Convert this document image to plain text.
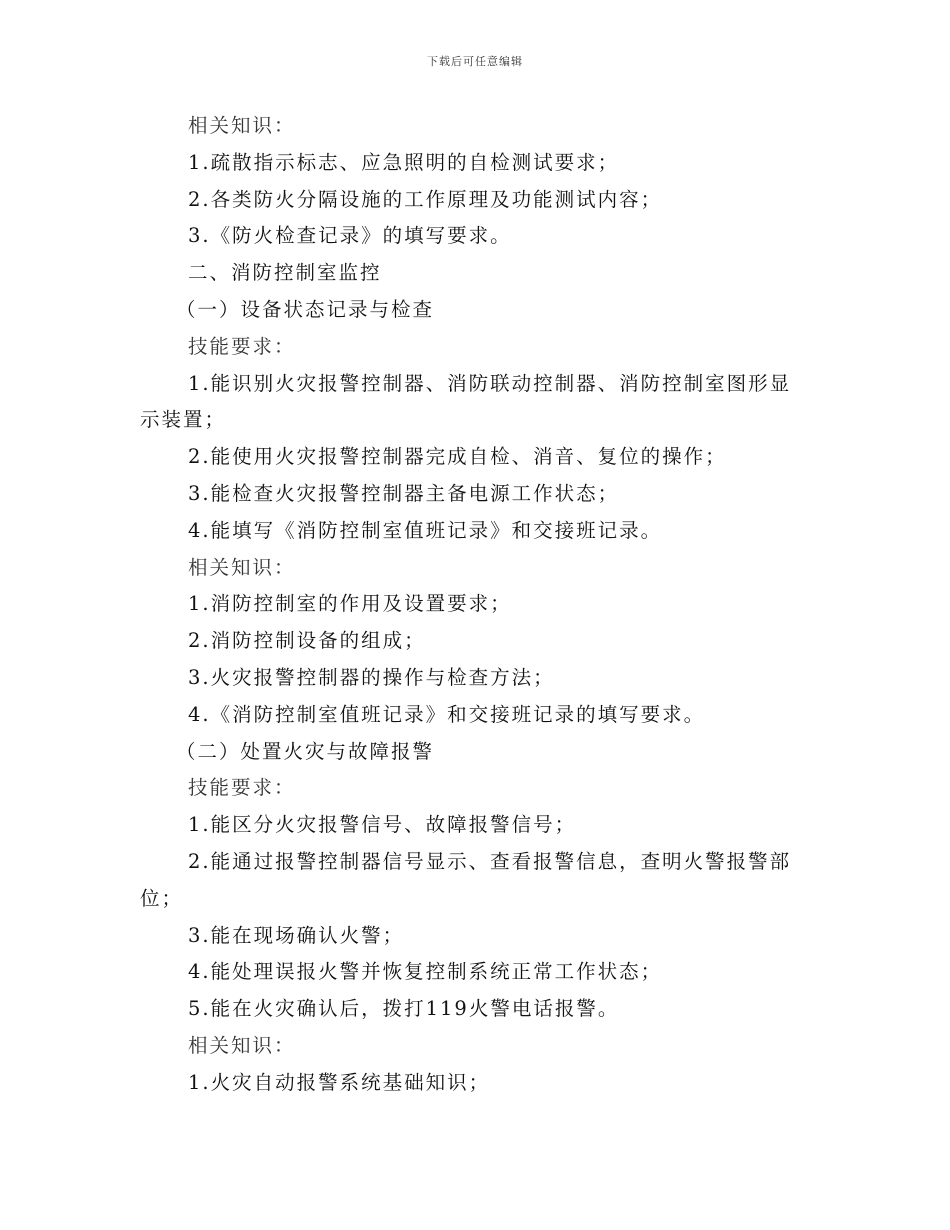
下载后可任意编辑
相关知识：
1.疏散指示标志、应急照明的自检测试要求；
2.各类防火分隔设施的工作原理及功能测试内容；
3.《防火检查记录》的填写要求。
二、消防控制室监控
（一）设备状态记录与检查
技能要求：
1.能识别火灾报警控制器、消防联动控制器、消防控制室图形显
示装置；
2.能使用火灾报警控制器完成自检、消音、复位的操作；
3.能检查火灾报警控制器主备电源工作状态；
4.能填写《消防控制室值班记录》和交接班记录。
相关知识：
1.消防控制室的作用及设置要求；
2.消防控制设备的组成；
3.火灾报警控制器的操作与检查方法；
4.《消防控制室值班记录》和交接班记录的填写要求。
（二）处置火灾与故障报警
技能要求：
1.能区分火灾报警信号、故障报警信号；
2.能通过报警控制器信号显示、查看报警信息，查明火警报警部
位；
3.能在现场确认火警；
4.能处理误报火警并恢复控制系统正常工作状态；
5.能在火灾确认后，拨打119火警电话报警。
相关知识：
1.火灾自动报警系统基础知识；
